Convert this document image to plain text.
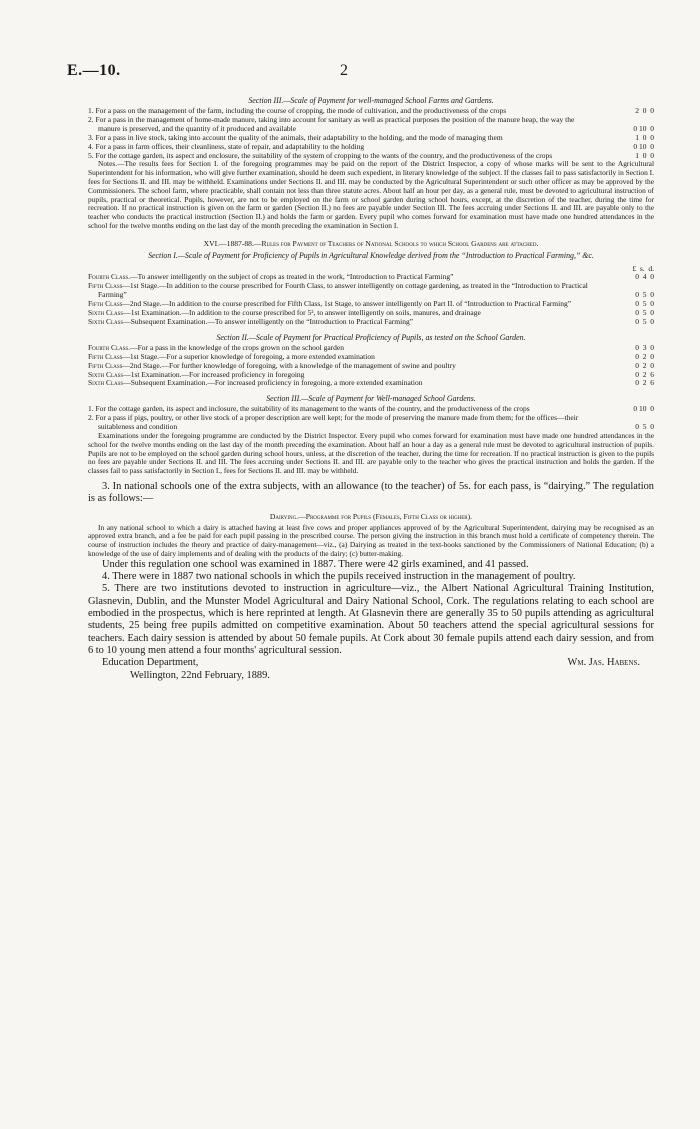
E.—10.	2
Section III.—Scale of Payment for well-managed School Farms and Gardens.
1. For a pass on the management of the farm, including the course of cropping, the mode of cultivation, and the productiveness of the crops	2  0  0
2. For a pass in the management of home-made manure, taking into account for sanitary as well as practical purposes the position of the manure heap, the way the manure is preserved, and the quantity of it produced and available	0 10  0
3. For a pass in live stock, taking into account the quality of the animals, their adaptability to the holding, and the mode of managing them	1  0  0
4. For a pass in farm offices, their cleanliness, state of repair, and adaptability to the holding	0 10  0
5. For the cottage garden, its aspect and enclosure, the suitability of the system of cropping to the wants of the country, and the productiveness of the crops	1  0  0

Notes.—The results fees for Section I. of the foregoing programmes may be paid on the report of the District Inspector, a copy of whose marks will be sent to the Agricultural Superintendent for his information, who will give further examination, should he deem such expedient, in literary knowledge of the subject. If the classes fail to pass satisfactorily in Section I. fees for Sections II. and III. may be withheld. Examinations under Sections II. and III. may be conducted by the Agricultural Superintendent or such other officer as may be approved by the Commissioners. The school farm, where practicable, shall contain not less than three statute acres. About half an hour per day, as a general rule, must be devoted to agricultural instruction of pupils, practical or theoretical. Pupils, however, are not to be employed on the farm or school garden during school hours, except, at the discretion of the teacher, during the time for recreation. If no practical instruction is given on the farm or garden (Section II.) no fees are payable under Section III. The fees accruing under Sections II. and III. are payable only to the teacher who conducts the practical instruction (Section II.) and holds the farm or garden. Every pupil who comes forward for examination must have made one hundred attendances in the school for the twelve months ending on the last day of the month preceding the examination in Section I.

XVI.—1887-88.—Rules for Payment of Teachers of National Schools to which School Gardens are attached.
Section I.—Scale of Payment for Proficiency of Pupils in Agricultural Knowledge derived from the “Introduction to Practical Farming,” &c.
£  s.  d.
Fourth Class.—To answer intelligently on the subject of crops as treated in the work, “Introduction to Practical Farming”	0  4  0
Fifth Class—1st Stage.—In addition to the course prescribed for Fourth Class, to answer intelligently on cottage gardening, as treated in the “Introduction to Practical Farming”	0  5  0
Fifth Class—2nd Stage.—In addition to the course prescribed for Fifth Class, 1st Stage, to answer intelligently on Part II. of “Introduction to Practical Farming”	0  5  0
Sixth Class—1st Examination.—In addition to the course prescribed for 5², to answer intelligently on soils, manures, and drainage	0  5  0
Sixth Class—Subsequent Examination.—To answer intelligently on the “Introduction to Practical Farming”	0  5  0
Section II.—Scale of Payment for Practical Proficiency of Pupils, as tested on the School Garden.
Fourth Class.—For a pass in the knowledge of the crops grown on the school garden	0  3  0
Fifth Class—1st Stage.—For a superior knowledge of foregoing, a more extended examination	0  2  0
Fifth Class—2nd Stage.—For further knowledge of foregoing, with a knowledge of the management of swine and poultry	0  2  0
Sixth Class—1st Examination.—For increased proficiency in foregoing	0  2  6
Sixth Class—Subsequent Examination.—For increased proficiency in foregoing, a more extended examination	0  2  6
Section III.—Scale of Payment for Well-managed School Gardens.
1. For the cottage garden, its aspect and inclosure, the suitability of its management to the wants of the country, and the productiveness of the crops	0 10  0
2. For a pass if pigs, poultry, or other live stock of a proper description are well kept; for the mode of preserving the manure made from them; for the offices—their suitableness and condition	0  5  0

Examinations under the foregoing programme are conducted by the District Inspector. Every pupil who comes forward for examination must have made one hundred attendances in the school for the twelve months ending on the last day of the month preceding the examination. About half an hour a day as a general rule must be devoted to agricultural instruction of pupils. Pupils are not to be employed on the school garden during school hours, unless, at the discretion of the teacher, during the time for recreation. If no practical instruction is given to the pupils no fees are payable under Sections II. and III. The fees accruing under Sections II. and III. are payable only to the teacher who gives the practical instruction and holds the garden. If the classes fail to pass satisfactorily in Section I., fees for Sections II. and III. may be withheld.

3. In national schools one of the extra subjects, with an allowance (to the teacher) of 5s. for each pass, is “dairying.” The regulation is as follows:—

Dairying.—Programme for Pupils (Females, Fifth Class or higher).

In any national school to which a dairy is attached having at least five cows and proper appliances approved of by the Agricultural Superintendent, dairying may be recognised as an approved extra branch, and a fee be paid for each pupil passing in the prescribed course. The person giving the instruction in this branch must hold a certificate of competency therein. The course of instruction includes the theory and practice of dairy-management—viz., (a) Dairying as treated in the text-books sanctioned by the Commissioners of National Education; (b) a knowledge of the use of dairy implements and of dealing with the products of the dairy; (c) butter-making.

Under this regulation one school was examined in 1887. There were 42 girls examined, and 41 passed.

4. There were in 1887 two national schools in which the pupils received instruction in the management of poultry.

5. There are two institutions devoted to instruction in agriculture—viz., the Albert National Agricultural Training Institution, Glasnevin, Dublin, and the Munster Model Agricultural and Dairy National School, Cork. The regulations relating to each school are embodied in the prospectus, which is here reprinted at length. At Glasnevin there are generally 35 to 50 pupils attending as agricultural students, 25 being free pupils admitted on competitive examination. About 50 teachers attend the special agricultural sessions for teachers. Each dairy session is attended by about 50 female pupils. At Cork about 30 female pupils attend each dairy session, and from 6 to 10 young men attend a four months' agricultural session.

Education Department,	Wm. Jas. Habens.
Wellington, 22nd February, 1889.
